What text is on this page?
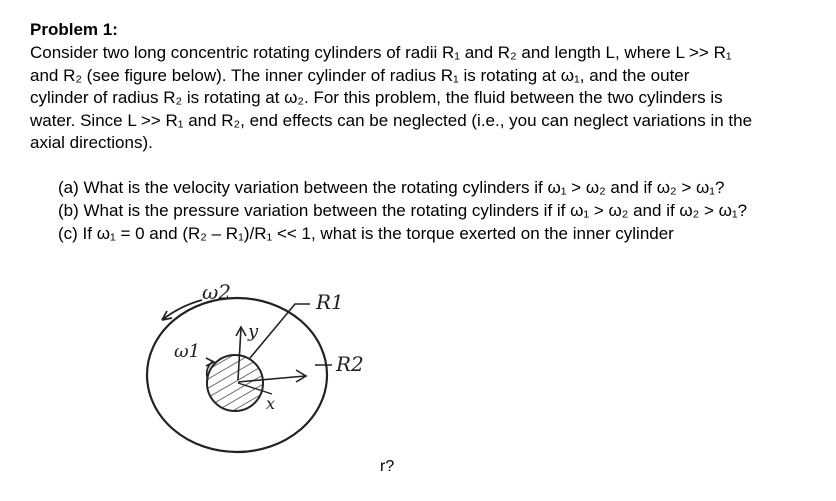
Problem 1:
Consider two long concentric rotating cylinders of radii R₁ and R₂ and length L, where L >> R₁
and R₂ (see figure below). The inner cylinder of radius R₁ is rotating at ω₁, and the outer
cylinder of radius R₂ is rotating at ω₂. For this problem, the fluid between the two cylinders is
water. Since L >> R₁ and R₂, end effects can be neglected (i.e., you can neglect variations in the
axial directions).
(a) What is the velocity variation between the rotating cylinders if ω₁ > ω₂ and if ω₂ > ω₁?
(b) What is the pressure variation between the rotating cylinders if if ω₁ > ω₂ and if ω₂ > ω₁?
(c) If ω₁ = 0 and (R₂ – R₁)/R₁ << 1, what is the torque exerted on the inner cylinder
ω2
ω1
y
R1
R2
x
r?
